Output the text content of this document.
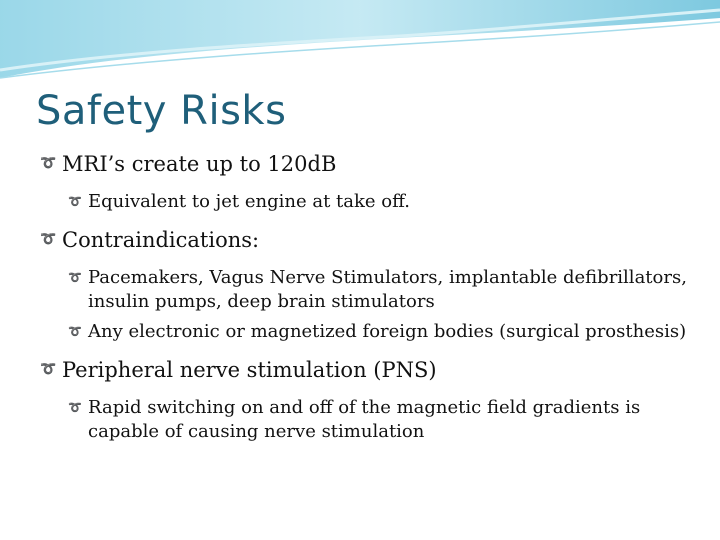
Safety Risks
➰ MRI’s create up to 120dB
➰ Equivalent to jet engine at take off.
➰ Contraindications:
➰ Pacemakers, Vagus Nerve Stimulators, implantable defibrillators, insulin pumps, deep brain stimulators
➰ Any electronic or magnetized foreign bodies (surgical prosthesis)
➰ Peripheral nerve stimulation (PNS)
➰ Rapid switching on and off of the magnetic field gradients is capable of causing nerve stimulation
